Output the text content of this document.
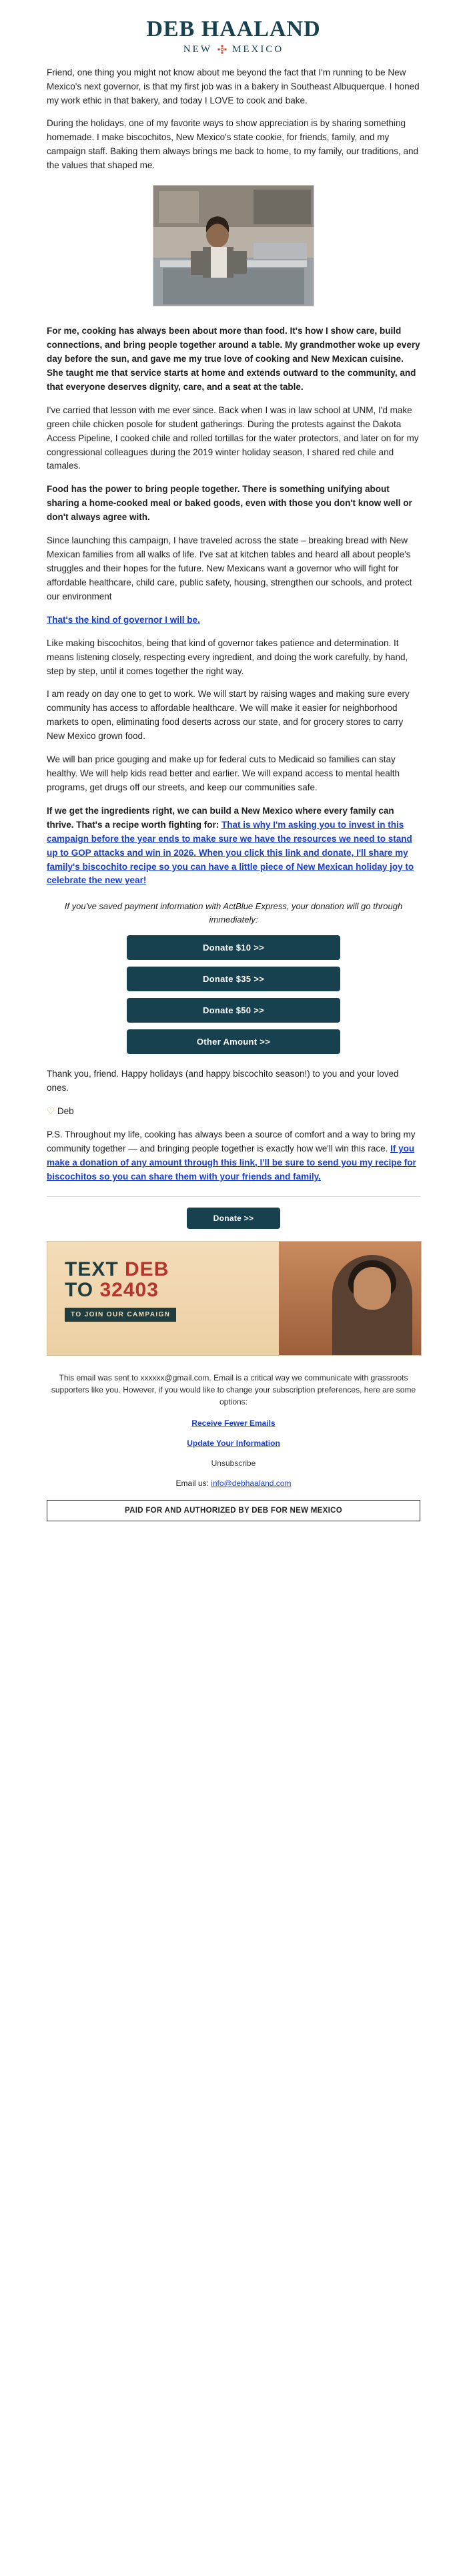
DEB HAALAND
NEW MEXICO

Friend, one thing you might not know about me beyond the fact that I'm running to be New Mexico's next governor, is that my first job was in a bakery in Southeast Albuquerque. I honed my work ethic in that bakery, and today I LOVE to cook and bake.

During the holidays, one of my favorite ways to show appreciation is by sharing something homemade. I make biscochitos, New Mexico's state cookie, for friends, family, and my campaign staff. Baking them always brings me back to home, to my family, our traditions, and the values that shaped me.

For me, cooking has always been about more than food. It's how I show care, build connections, and bring people together around a table. My grandmother woke up every day before the sun, and gave me my true love of cooking and New Mexican cuisine. She taught me that service starts at home and extends outward to the community, and that everyone deserves dignity, care, and a seat at the table.

I've carried that lesson with me ever since. Back when I was in law school at UNM, I'd make green chile chicken posole for student gatherings. During the protests against the Dakota Access Pipeline, I cooked chile and rolled tortillas for the water protectors, and later on for my congressional colleagues during the 2019 winter holiday season, I shared red chile and tamales.

Food has the power to bring people together. There is something unifying about sharing a home-cooked meal or baked goods, even with those you don't know well or don't always agree with.

Since launching this campaign, I have traveled across the state – breaking bread with New Mexican families from all walks of life. I've sat at kitchen tables and heard all about people's struggles and their hopes for the future. New Mexicans want a governor who will fight for affordable healthcare, child care, public safety, housing, strengthen our schools, and protect our environment

That's the kind of governor I will be.

Like making biscochitos, being that kind of governor takes patience and determination. It means listening closely, respecting every ingredient, and doing the work carefully, by hand, step by step, until it comes together the right way.

I am ready on day one to get to work. We will start by raising wages and making sure every community has access to affordable healthcare. We will make it easier for neighborhood markets to open, eliminating food deserts across our state, and for grocery stores to carry New Mexico grown food.

We will ban price gouging and make up for federal cuts to Medicaid so families can stay healthy. We will help kids read better and earlier. We will expand access to mental health programs, get drugs off our streets, and keep our communities safe.

If we get the ingredients right, we can build a New Mexico where every family can thrive. That's a recipe worth fighting for: That is why I'm asking you to invest in this campaign before the year ends to make sure we have the resources we need to stand up to GOP attacks and win in 2026. When you click this link and donate, I'll share my family's biscochito recipe so you can have a little piece of New Mexican holiday joy to celebrate the new year!

If you've saved payment information with ActBlue Express, your donation will go through immediately:

Donate $10 >>
Donate $35 >>
Donate $50 >>
Other Amount >>

Thank you, friend. Happy holidays (and happy biscochito season!) to you and your loved ones.

♡ Deb

P.S. Throughout my life, cooking has always been a source of comfort and a way to bring my community together — and bringing people together is exactly how we'll win this race. If you make a donation of any amount through this link, I'll be sure to send you my recipe for biscochitos so you can share them with your friends and family.

Donate >>
TEXT DEB
TO 32403
TO JOIN OUR CAMPAIGN

This email was sent to xxxxxx@gmail.com. Email is a critical way we communicate with grassroots supporters like you. However, if you would like to change your subscription preferences, here are some options:

Receive Fewer Emails
Update Your Information
Unsubscribe
Email us: info@debhaaland.com
PAID FOR AND AUTHORIZED BY DEB FOR NEW MEXICO
